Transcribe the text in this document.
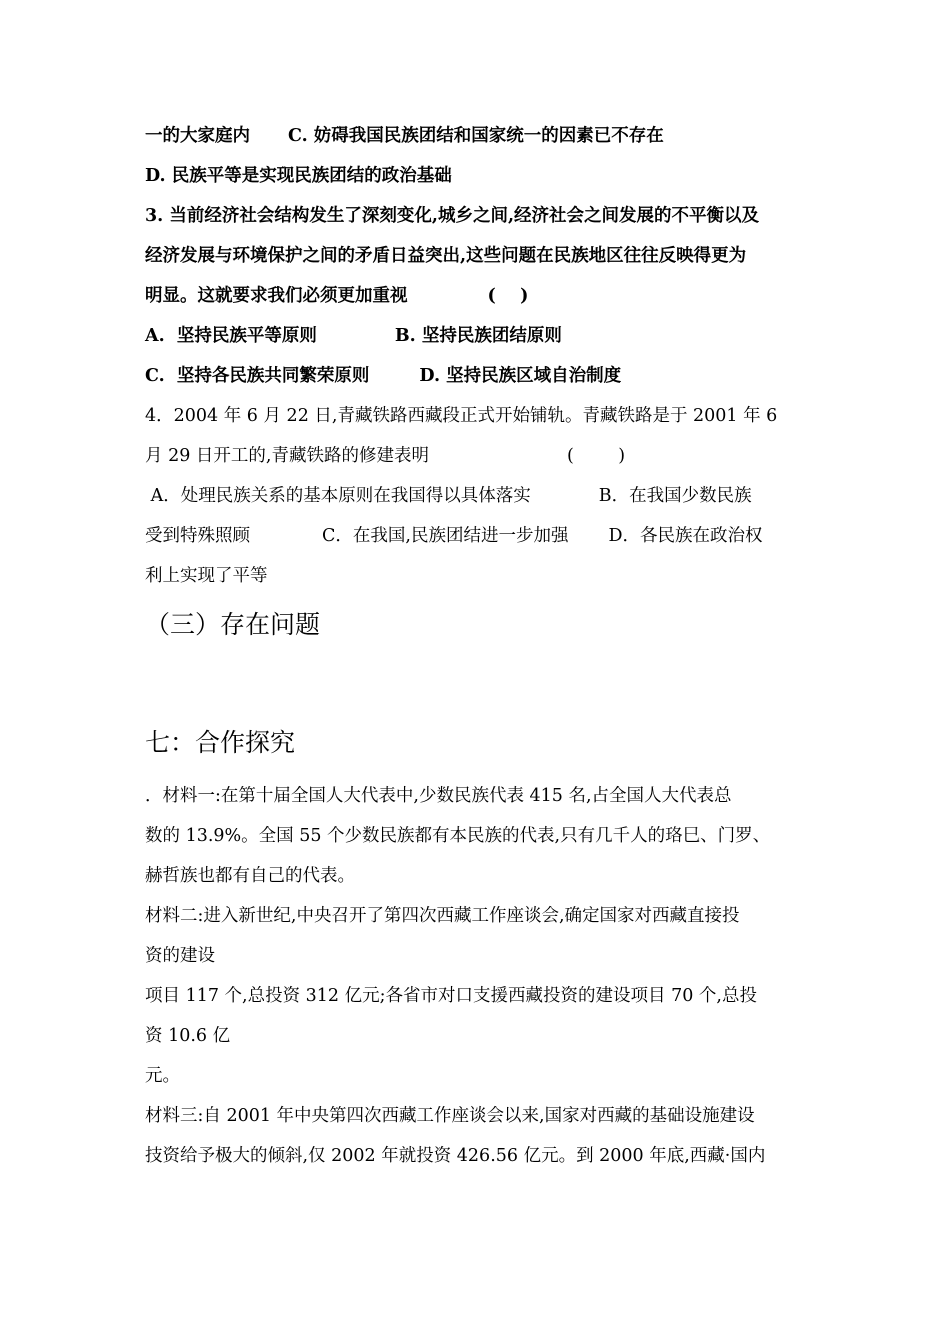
一的大家庭内 C. 妨碍我国民族团结和国家统一的因素已不存在
D. 民族平等是实现民族团结的政治基础
3. 当前经济社会结构发生了深刻变化,城乡之间,经济社会之间发展的不平衡以及
经济发展与环境保护之间的矛盾日益突出,这些问题在民族地区往往反映得更为
明显。这就要求我们必须更加重视	(    )
A.  坚持民族平等原则	B. 坚持民族团结原则
C.  坚持各民族共同繁荣原则	D. 坚持民族区域自治制度
4．2004 年 6 月 22 日,青藏铁路西藏段正式开始铺轨。青藏铁路是于 2001 年 6
月 29 日开工的,青藏铁路的修建表明	(        )
A．处理民族关系的基本原则在我国得以具体落实	B．在我国少数民族
受到特殊照顾	C．在我国,民族团结进一步加强 D．各民族在政治权
利上实现了平等
（三）存在问题
七：合作探究
．材料一:在第十届全国人大代表中,少数民族代表 415 名,占全国人大代表总
数的 13.9%。全国 55 个少数民族都有本民族的代表,只有几千人的珞巳、门罗、
赫哲族也都有自己的代表。
材料二:进入新世纪,中央召开了第四次西藏工作座谈会,确定国家对西藏直接投
资的建设
项目 117 个,总投资 312 亿元;各省市对口支援西藏投资的建设项目 70 个,总投
资 10.6 亿
元。
材料三:自 2001 年中央第四次西藏工作座谈会以来,国家对西藏的基础设施建设
技资给予极大的倾斜,仅 2002 年就投资 426.56 亿元。到 2000 年底,西藏·国内
